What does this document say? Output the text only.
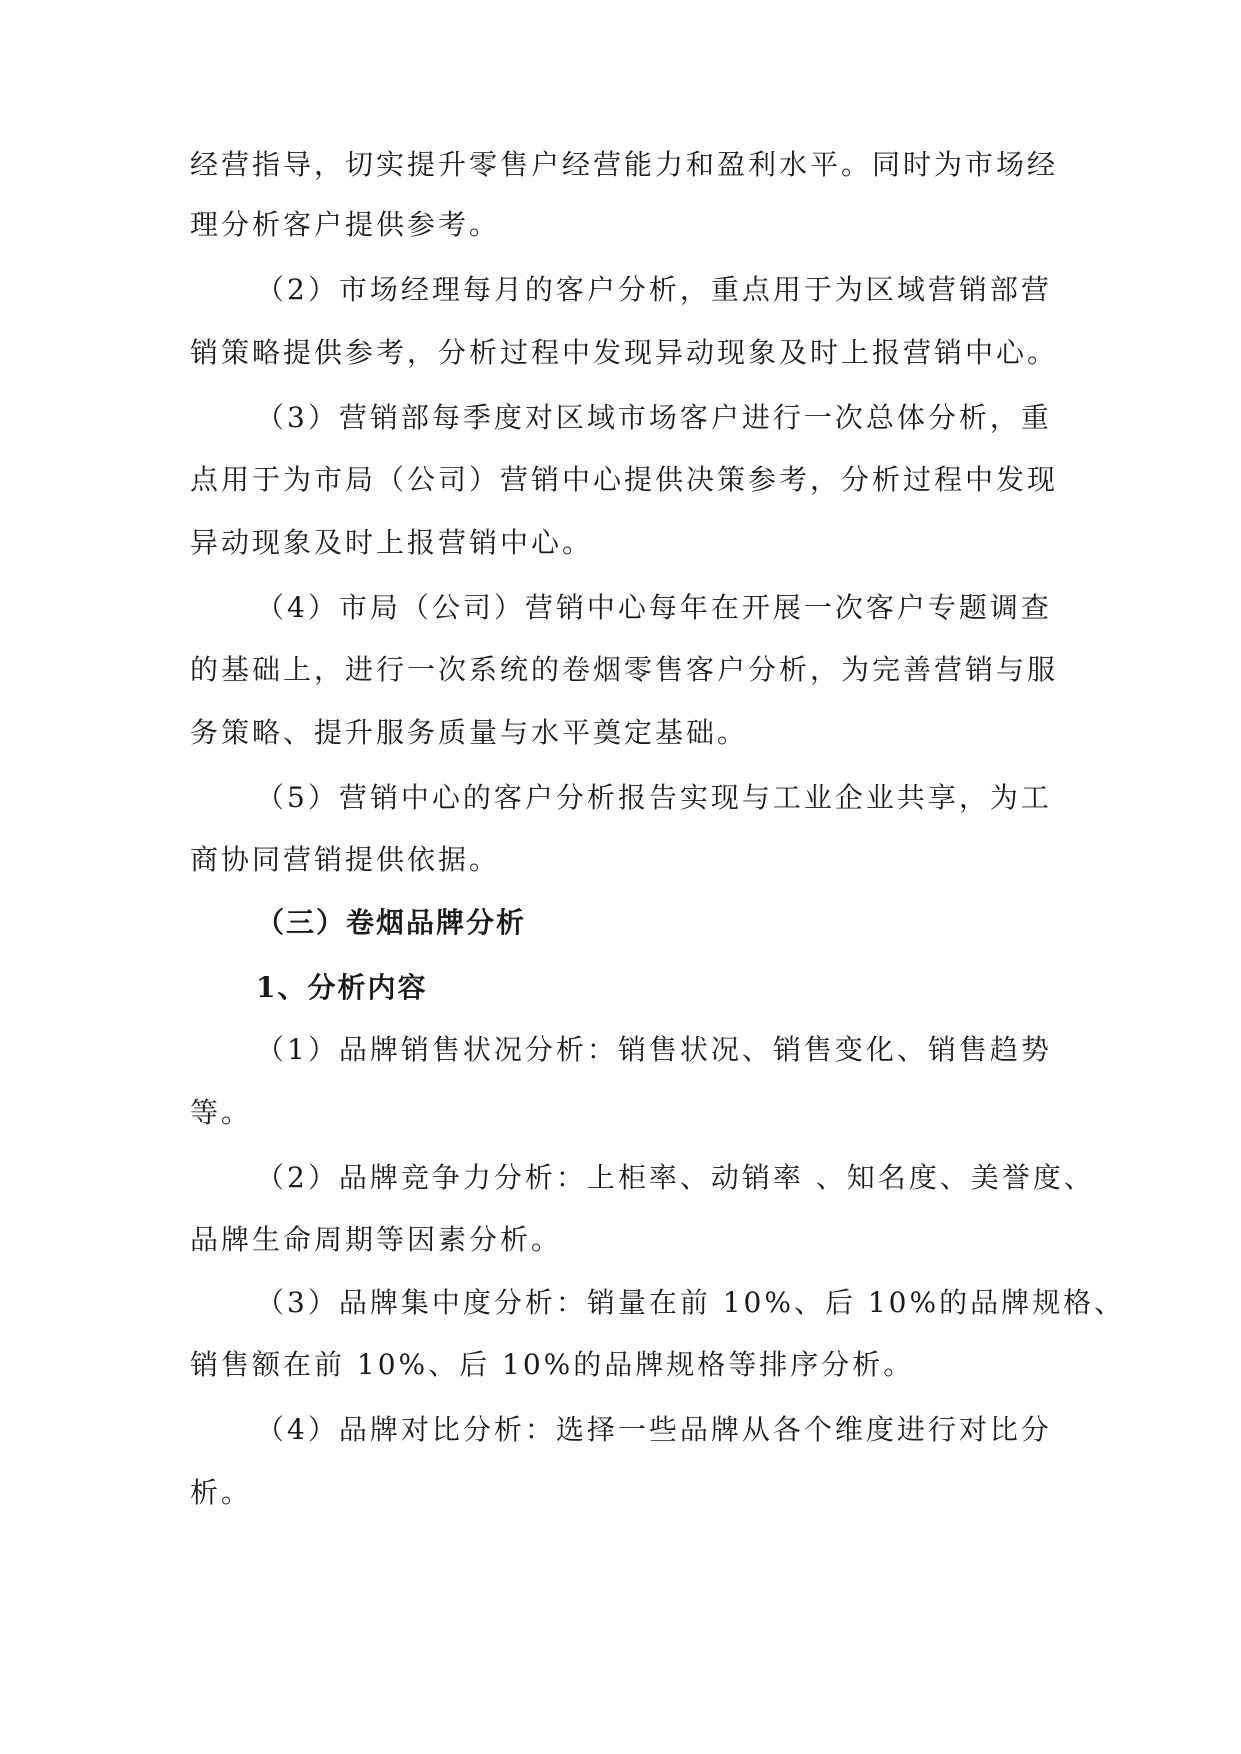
经营指导，切实提升零售户经营能力和盈利水平。同时为市场经
理分析客户提供参考。
（2）市场经理每月的客户分析，重点用于为区域营销部营
销策略提供参考，分析过程中发现异动现象及时上报营销中心。
（3）营销部每季度对区域市场客户进行一次总体分析，重
点用于为市局（公司）营销中心提供决策参考，分析过程中发现
异动现象及时上报营销中心。
（4）市局（公司）营销中心每年在开展一次客户专题调查
的基础上，进行一次系统的卷烟零售客户分析，为完善营销与服
务策略、提升服务质量与水平奠定基础。
（5）营销中心的客户分析报告实现与工业企业共享，为工
商协同营销提供依据。
（三）卷烟品牌分析
1、分析内容
（1）品牌销售状况分析：销售状况、销售变化、销售趋势
等。
（2）品牌竞争力分析：上柜率、动销率 、知名度、美誉度、
品牌生命周期等因素分析。
（3）品牌集中度分析：销量在前 10%、后 10%的品牌规格、
销售额在前 10%、后 10%的品牌规格等排序分析。
（4）品牌对比分析：选择一些品牌从各个维度进行对比分
析。
